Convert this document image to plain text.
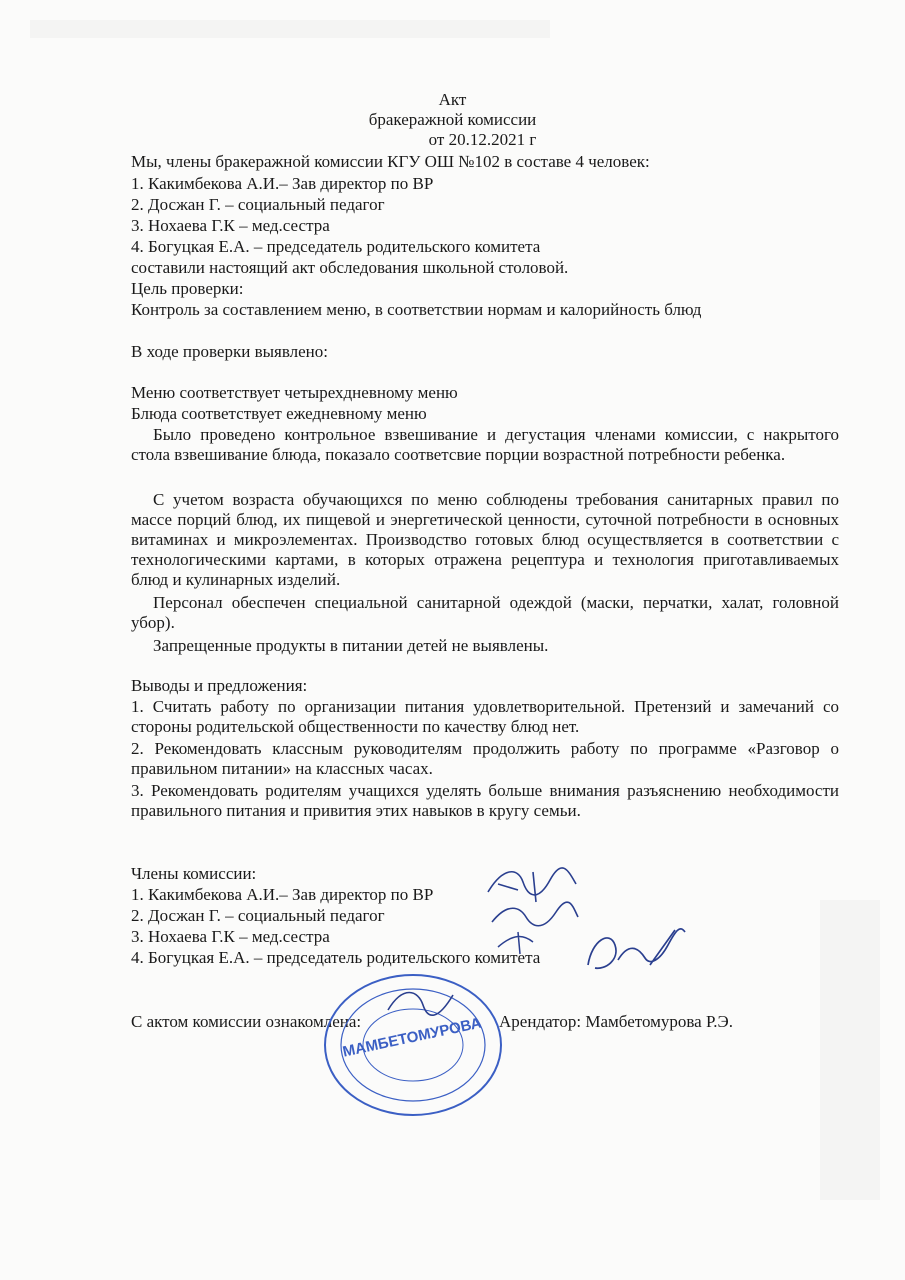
Акт
бракеражной комиссии
от 20.12.2021 г
Мы, члены бракеражной комиссии КГУ ОШ №102 в составе 4 человек:
1. Какимбекова А.И.– Зав директор по ВР
2. Досжан Г. – социальный педагог
3. Нохаева Г.К – мед.сестра
4. Богуцкая Е.А. – председатель родительского комитета
составили настоящий акт обследования школьной столовой.
Цель проверки:
Контроль за составлением меню, в соответствии нормам и калорийность блюд
В ходе проверки выявлено:
Меню соответствует четырехдневному меню
Блюда соответствует ежедневному меню
Было проведено контрольное взвешивание и дегустация членами комиссии, с накрытого стола взвешивание блюда, показало соответсвие порции возрастной потребности ребенка.
С учетом возраста обучающихся по меню соблюдены требования санитарных правил по массе порций блюд, их пищевой и энергетической ценности, суточной потребности в основных витаминах и микроэлементах. Производство готовых блюд осуществляется в соответствии с технологическими картами, в которых отражена рецептура и технология приготавливаемых блюд и кулинарных изделий.
Персонал обеспечен специальной санитарной одеждой (маски, перчатки, халат, головной убор).
Запрещенные продукты в питании детей не выявлены.
Выводы и предложения:
1. Считать работу по организации питания удовлетворительной. Претензий и замечаний со стороны родительской общественности по качеству блюд нет.
2. Рекомендовать классным руководителям продолжить работу по программе «Разговор о правильном питании» на классных часах.
3. Рекомендовать родителям учащихся уделять больше внимания разъяснению необходимости правильного питания и привития этих навыков в кругу семьи.
Члены комиссии:
1. Какимбекова А.И.– Зав директор по ВР
2. Досжан Г. – социальный педагог
3. Нохаева Г.К – мед.сестра
4. Богуцкая Е.А. – председатель родительского комитета
С актом комиссии ознакомлена:	Арендатор: Мамбетомурова Р.Э.
МАМБЕТОМУРОВА
